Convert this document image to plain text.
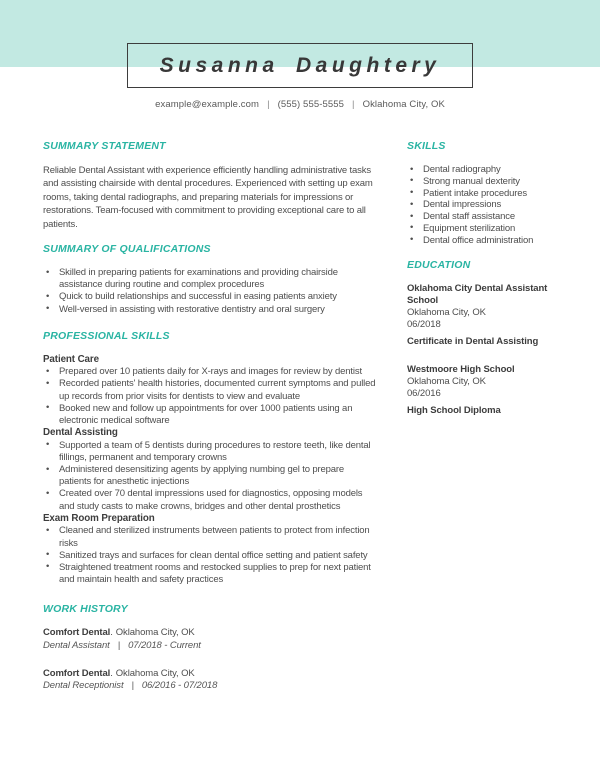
Susanna Daughtery
example@example.com | (555) 555-5555 | Oklahoma City, OK
SUMMARY STATEMENT

Reliable Dental Assistant with experience efficiently handling administrative tasks and assisting chairside with dental procedures. Experienced with setting up exam rooms, taking dental radiographs, and preparing materials for impressions or restorations. Team-focused with commitment to providing exceptional care to all patients.

SUMMARY OF QUALIFICATIONS
• Skilled in preparing patients for examinations and providing chairside assistance during routine and complex procedures
• Quick to build relationships and successful in easing patients anxiety
• Well-versed in assisting with restorative dentistry and oral surgery
PROFESSIONAL SKILLS
Patient Care
• Prepared over 10 patients daily for X-rays and images for review by dentist
• Recorded patients' health histories, documented current symptoms and pulled up records from prior visits for dentists to view and evaluate
• Booked new and follow up appointments for over 1000 patients using an electronic medical software
Dental Assisting
• Supported a team of 5 dentists during procedures to restore teeth, like dental fillings, permanent and temporary crowns
• Administered desensitizing agents by applying numbing gel to prepare patients for anesthetic injections
• Created over 70 dental impressions used for diagnostics, opposing models and study casts to make crowns, bridges and other dental prosthetics
Exam Room Preparation
• Cleaned and sterilized instruments between patients to protect from infection risks
• Sanitized trays and surfaces for clean dental office setting and patient safety
• Straightened treatment rooms and restocked supplies to prep for next patient and maintain health and safety practices
WORK HISTORY
Comfort Dental. Oklahoma City, OK
Dental Assistant | 07/2018 - Current
Comfort Dental. Oklahoma City, OK
Dental Receptionist | 06/2016 - 07/2018
SKILLS
• Dental radiography
• Strong manual dexterity
• Patient intake procedures
• Dental impressions
• Dental staff assistance
• Equipment sterilization
• Dental office administration
EDUCATION
Oklahoma City Dental Assistant School
Oklahoma City, OK
06/2018
Certificate in Dental Assisting
Westmoore High School
Oklahoma City, OK
06/2016
High School Diploma
